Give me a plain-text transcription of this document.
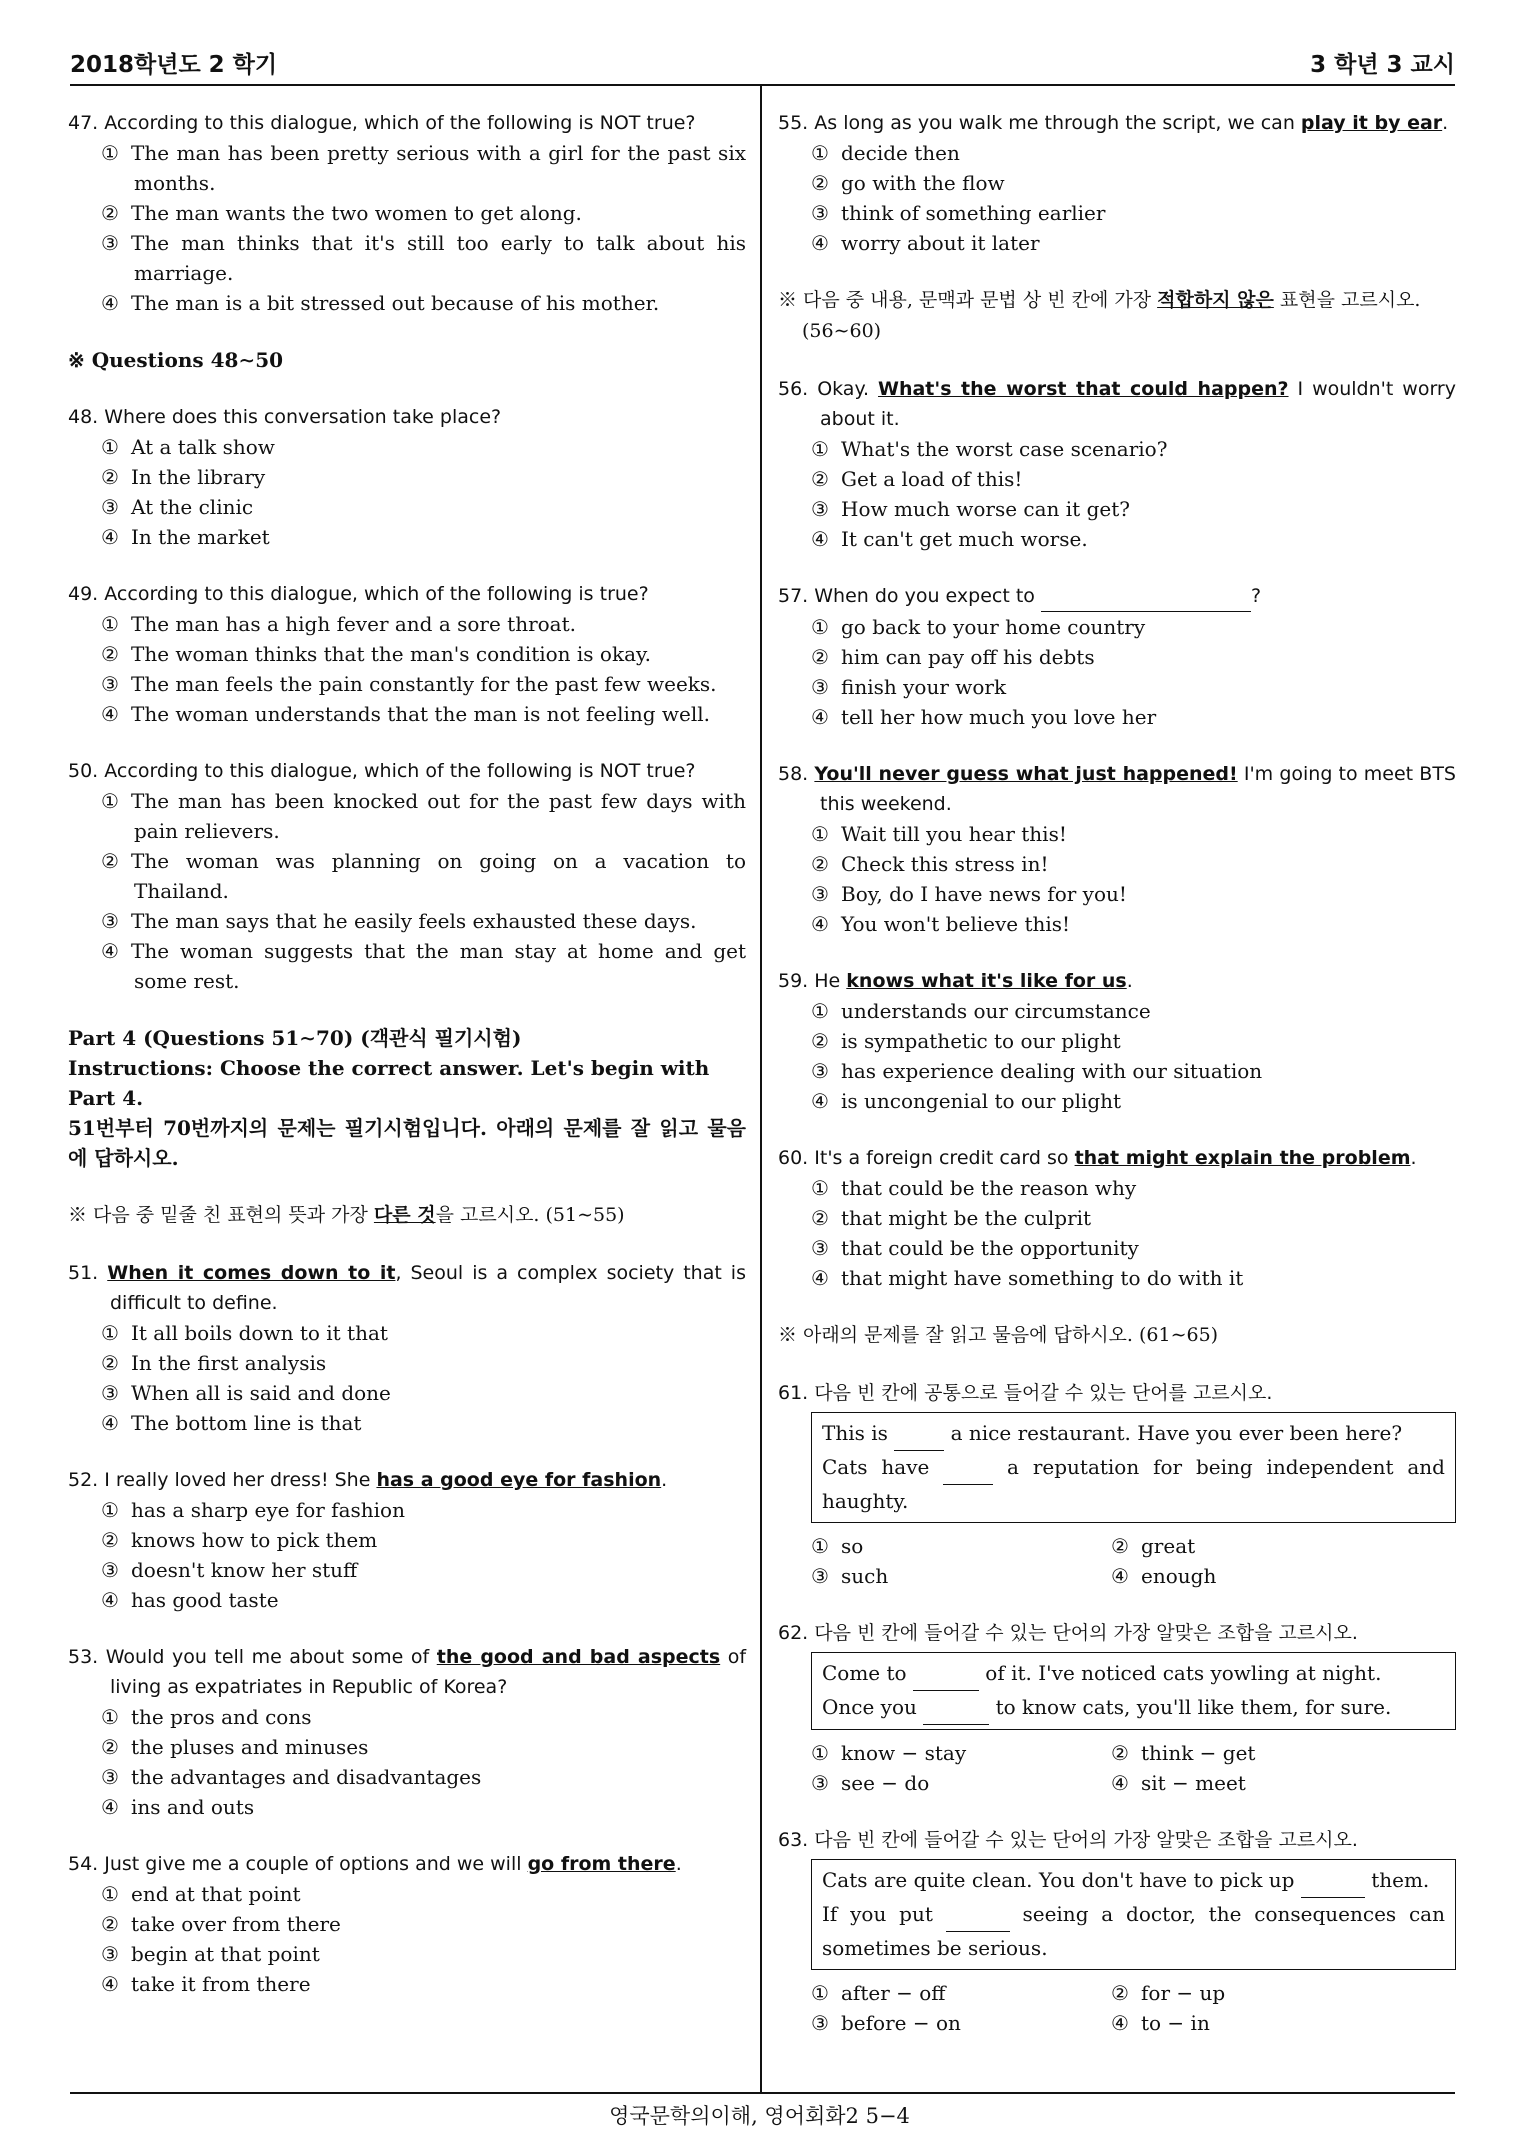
2018학년도 2 학기	3 학년 3 교시
47. According to this dialogue, which of the following is NOT true?
① The man has been pretty serious with a girl for the past six months.
② The man wants the two women to get along.
③ The man thinks that it's still too early to talk about his marriage.
④ The man is a bit stressed out because of his mother.
※ Questions 48∼50
48. Where does this conversation take place?
① At a talk show
② In the library
③ At the clinic
④ In the market
49. According to this dialogue, which of the following is true?
① The man has a high fever and a sore throat.
② The woman thinks that the man's condition is okay.
③ The man feels the pain constantly for the past few weeks.
④ The woman understands that the man is not feeling well.
50. According to this dialogue, which of the following is NOT true?
① The man has been knocked out for the past few days with pain relievers.
② The woman was planning on going on a vacation to Thailand.
③ The man says that he easily feels exhausted these days.
④ The woman suggests that the man stay at home and get some rest.
Part 4 (Questions 51∼70) (객관식 필기시험)
Instructions: Choose the correct answer. Let's begin with Part 4.
51번부터 70번까지의 문제는 필기시험입니다. 아래의 문제를 잘 읽고 물음에 답하시오.
※ 다음 중 밑줄 친 표현의 뜻과 가장 다른 것을 고르시오. (51∼55)
51. When it comes down to it, Seoul is a complex society that is difficult to define.
① It all boils down to it that
② In the first analysis
③ When all is said and done
④ The bottom line is that
52. I really loved her dress! She has a good eye for fashion.
① has a sharp eye for fashion
② knows how to pick them
③ doesn't know her stuff
④ has good taste
53. Would you tell me about some of the good and bad aspects of living as expatriates in Republic of Korea?
① the pros and cons
② the pluses and minuses
③ the advantages and disadvantages
④ ins and outs
54. Just give me a couple of options and we will go from there.
① end at that point
② take over from there
③ begin at that point
④ take it from there
55. As long as you walk me through the script, we can play it by ear.
① decide then
② go with the flow
③ think of something earlier
④ worry about it later
※ 다음 중 내용, 문맥과 문법 상 빈 칸에 가장 적합하지 않은 표현을 고르시오. (56∼60)
56. Okay. What's the worst that could happen? I wouldn't worry about it.
① What's the worst case scenario?
② Get a load of this!
③ How much worse can it get?
④ It can't get much worse.
57. When do you expect to	?
① go back to your home country
② him can pay off his debts
③ finish your work
④ tell her how much you love her
58. You'll never guess what just happened! I'm going to meet BTS this weekend.
① Wait till you hear this!
② Check this stress in!
③ Boy, do I have news for you!
④ You won't believe this!
59. He knows what it's like for us.
① understands our circumstance
② is sympathetic to our plight
③ has experience dealing with our situation
④ is uncongenial to our plight
60. It's a foreign credit card so that might explain the problem.
① that could be the reason why
② that might be the culprit
③ that could be the opportunity
④ that might have something to do with it
※ 아래의 문제를 잘 읽고 물음에 답하시오. (61∼65)
61. 다음 빈 칸에 공통으로 들어갈 수 있는 단어를 고르시오.
This is	a nice restaurant. Have you ever been here?
Cats have	a reputation for being independent and haughty.
① so	② great
③ such	④ enough
62. 다음 빈 칸에 들어갈 수 있는 단어의 가장 알맞은 조합을 고르시오.
Come to	of it. I've noticed cats yowling at night.
Once you	to know cats, you'll like them, for sure.
① know − stay	② think − get
③ see − do	④ sit − meet
63. 다음 빈 칸에 들어갈 수 있는 단어의 가장 알맞은 조합을 고르시오.
Cats are quite clean. You don't have to pick up	them.
If you put	seeing a doctor, the consequences can sometimes be serious.
① after − off	② for − up
③ before − on	④ to − in
영국문학의이해, 영어회화2 5−4
